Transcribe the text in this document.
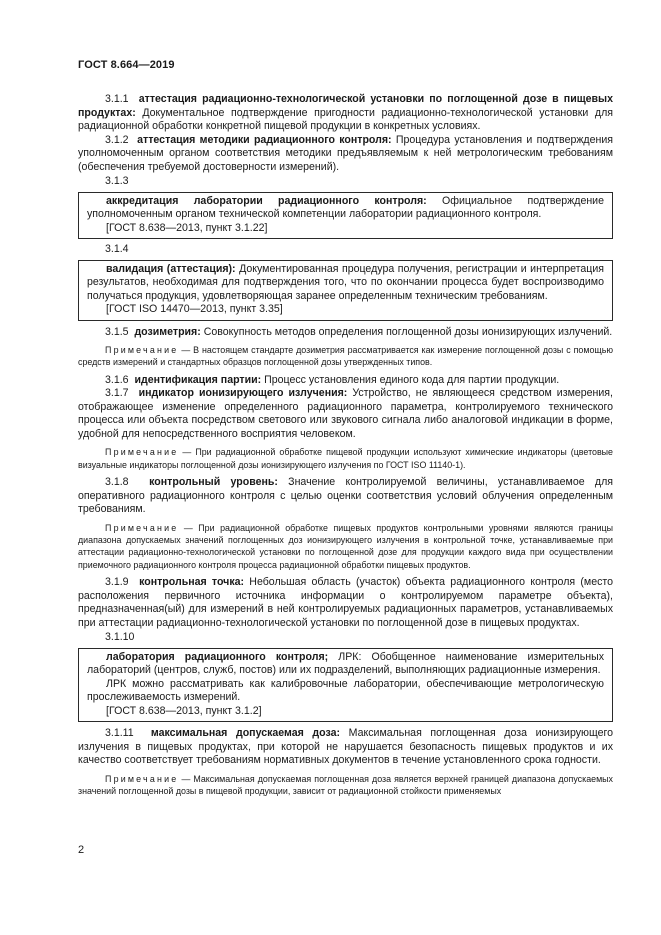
ГОСТ 8.664—2019

3.1.1 аттестация радиационно-технологической установки по поглощенной дозе в пищевых продуктах: Документальное подтверждение пригодности радиационно-технологической установки для радиационной обработки конкретной пищевой продукции в конкретных условиях.

3.1.2 аттестация методики радиационного контроля: Процедура установления и подтверждения уполномоченным органом соответствия методики предъявляемым к ней метрологическим требованиям (обеспечения требуемой достоверности измерений).

3.1.3

аккредитация лаборатории радиационного контроля: Официальное подтверждение уполномоченным органом технической компетенции лаборатории радиационного контроля.

[ГОСТ 8.638—2013, пункт 3.1.22]

3.1.4

валидация (аттестация): Документированная процедура получения, регистрации и интерпретация результатов, необходимая для подтверждения того, что по окончании процесса будет воспроизводимо получаться продукция, удовлетворяющая заранее определенным техническим требованиям.

[ГОСТ ISO 14470—2013, пункт 3.35]

3.1.5 дозиметрия: Совокупность методов определения поглощенной дозы ионизирующих излучений.

Примечание — В настоящем стандарте дозиметрия рассматривается как измерение поглощенной дозы с помощью средств измерений и стандартных образцов поглощенной дозы утвержденных типов.

3.1.6 идентификация партии: Процесс установления единого кода для партии продукции.

3.1.7 индикатор ионизирующего излучения: Устройство, не являющееся средством измерения, отображающее изменение определенного радиационного параметра, контролируемого технического процесса или объекта посредством светового или звукового сигнала либо аналоговой индикации в форме, удобной для непосредственного восприятия человеком.

Примечание — При радиационной обработке пищевой продукции используют химические индикаторы (цветовые визуальные индикаторы поглощенной дозы ионизирующего излучения по ГОСТ ISO 11140-1).

3.1.8 контрольный уровень: Значение контролируемой величины, устанавливаемое для оперативного радиационного контроля с целью оценки соответствия условий облучения определенным требованиям.

Примечание — При радиационной обработке пищевых продуктов контрольными уровнями являются границы диапазона допускаемых значений поглощенных доз ионизирующего излучения в контрольной точке, устанавливаемые при аттестации радиационно-технологической установки по поглощенной дозе для продукции каждого вида при осуществлении приемочного радиационного контроля процесса радиационной обработки пищевых продуктов.

3.1.9 контрольная точка: Небольшая область (участок) объекта радиационного контроля (место расположения первичного источника информации о контролируемом параметре объекта), предназначенная(ый) для измерений в ней контролируемых радиационных параметров, устанавливаемых при аттестации радиационно-технологической установки по поглощенной дозе в пищевых продуктах.

3.1.10

лаборатория радиационного контроля; ЛРК: Обобщенное наименование измерительных лабораторий (центров, служб, постов) или их подразделений, выполняющих радиационные измерения.

ЛРК можно рассматривать как калибровочные лаборатории, обеспечивающие метрологическую прослеживаемость измерений.

[ГОСТ 8.638—2013, пункт 3.1.2]

3.1.11 максимальная допускаемая доза: Максимальная поглощенная доза ионизирующего излучения в пищевых продуктах, при которой не нарушается безопасность пищевых продуктов и их качество соответствует требованиям нормативных документов в течение установленного срока годности.

Примечание — Максимальная допускаемая поглощенная доза является верхней границей диапазона допускаемых значений поглощенной дозы в пищевой продукции, зависит от радиационной стойкости применяемых

2
